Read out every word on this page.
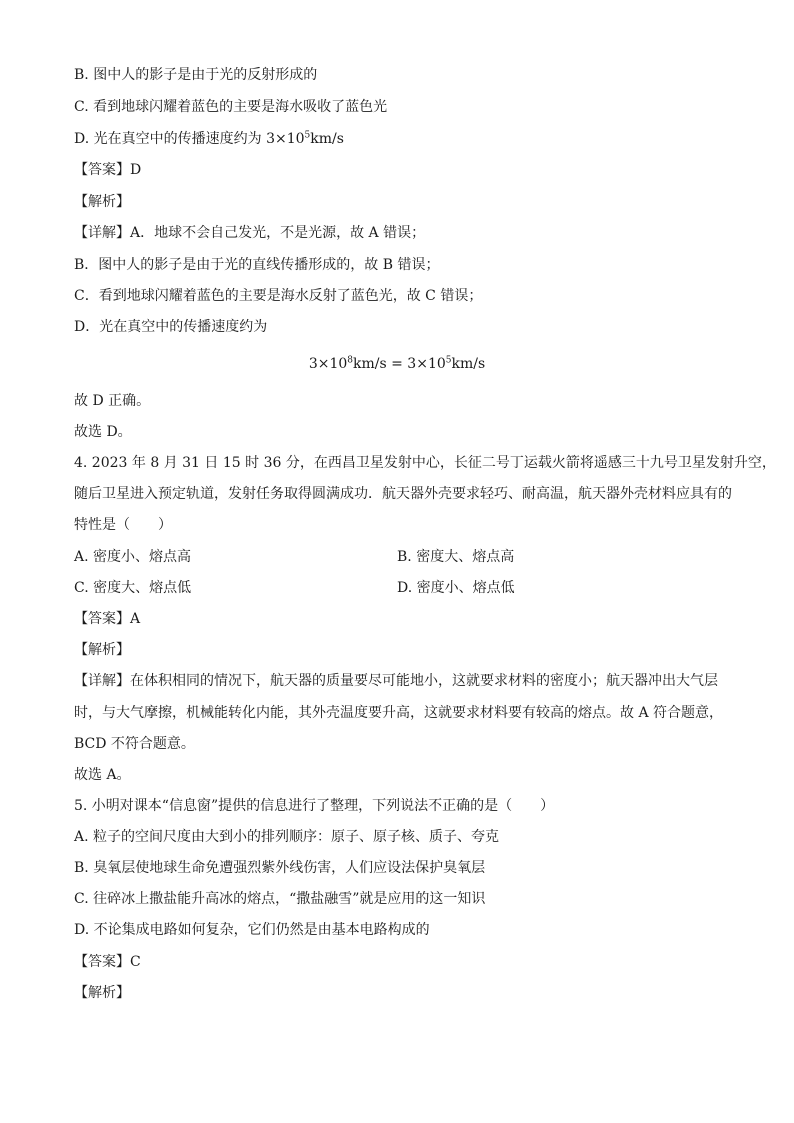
B. 图中人的影子是由于光的反射形成的
C. 看到地球闪耀着蓝色的主要是海水吸收了蓝色光
D. 光在真空中的传播速度约为 $3\times 10^5km/s$
【答案】D
【解析】
【详解】A．地球不会自己发光，不是光源，故 A 错误；
B．图中人的影子是由于光的直线传播形成的，故 B 错误；
C．看到地球闪耀着蓝色的主要是海水反射了蓝色光，故 C 错误；
D．光在真空中的传播速度约为
$3\times 10^8km/s = 3\times 10^5km/s$
故 D 正确。
故选 D。
4. 2023 年 8 月 31 日 15 时 36 分，在西昌卫星发射中心，长征二号丁运载火箭将遥感三十九号卫星发射升空，
随后卫星进入预定轨道，发射任务取得圆满成功．航天器外壳要求轻巧、耐高温，航天器外壳材料应具有的
特性是（　　）
A. 密度小、熔点高	B. 密度大、熔点高
C. 密度大、熔点低	D. 密度小、熔点低
【答案】A
【解析】
【详解】在体积相同的情况下，航天器的质量要尽可能地小，这就要求材料的密度小；航天器冲出大气层
时，与大气摩擦，机械能转化内能，其外壳温度要升高，这就要求材料要有较高的熔点。故 A 符合题意，
BCD 不符合题意。
故选 A。
5. 小明对课本“信息窗”提供的信息进行了整理，下列说法不正确的是（　　）
A. 粒子的空间尺度由大到小的排列顺序：原子、原子核、质子、夸克
B. 臭氧层使地球生命免遭强烈紫外线伤害，人们应设法保护臭氧层
C. 往碎冰上撒盐能升高冰的熔点，“撒盐融雪”就是应用的这一知识
D. 不论集成电路如何复杂，它们仍然是由基本电路构成的
【答案】C
【解析】
